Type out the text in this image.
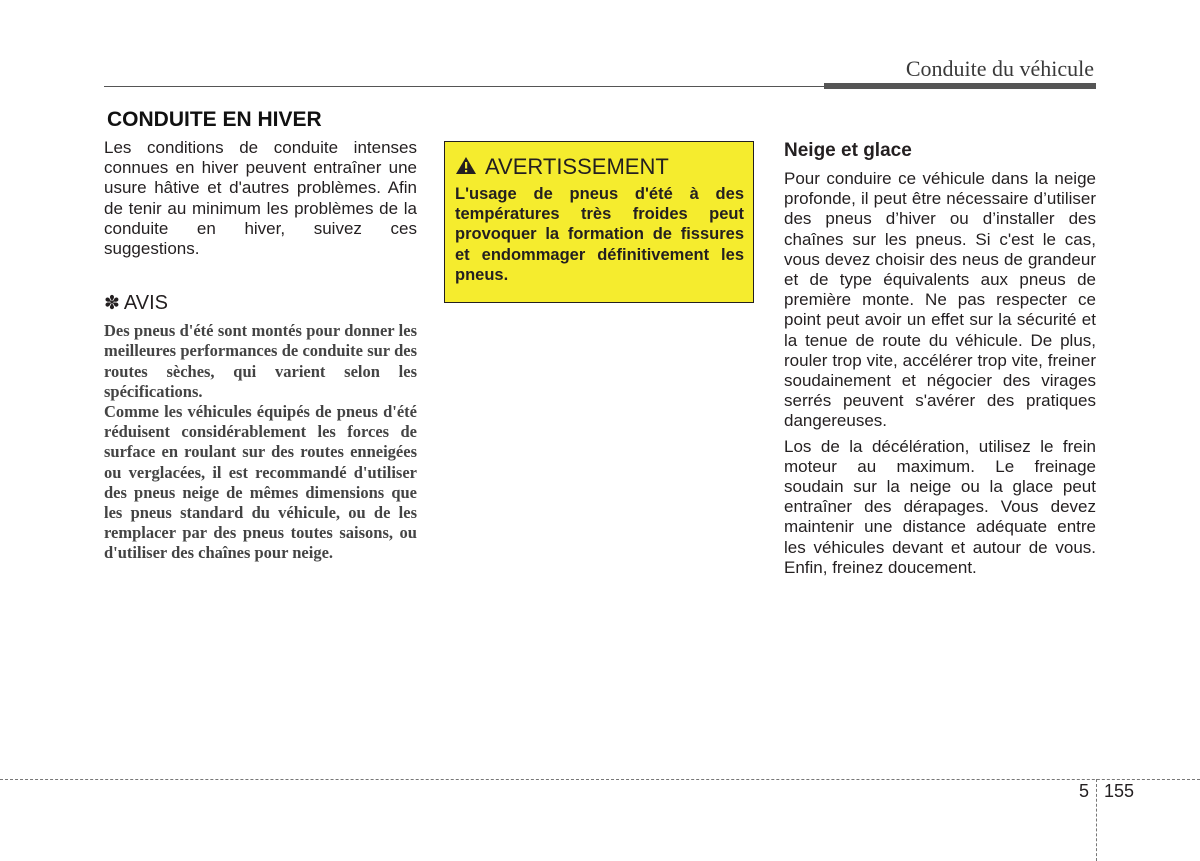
Conduite du véhicule
CONDUITE EN HIVER

Les conditions de conduite intenses connues en hiver peuvent entraîner une usure hâtive et d'autres problèmes. Afin de tenir au minimum les problèmes de la conduite en hiver, suivez ces suggestions.

✽ AVIS

Des pneus d'été sont montés pour donner les meilleures performances de conduite sur des routes sèches, qui varient selon les spécifications.
Comme les véhicules équipés de pneus d'été réduisent considérablement les forces de surface en roulant sur des routes enneigées ou verglacées, il est recommandé d'utiliser des pneus neige de mêmes dimensions que les pneus standard du véhicule, ou de les remplacer par des pneus toutes saisons, ou d'utiliser des chaînes pour neige.

AVERTISSEMENT

L'usage de pneus d'été à des températures très froides peut provoquer la formation de fissures et endommager définitivement les pneus.

Neige et glace

Pour conduire ce véhicule dans la neige profonde, il peut être nécessaire d’utiliser des pneus d’hiver ou d’installer des chaînes sur les pneus. Si c'est le cas, vous devez choisir des neus de grandeur et de type équivalents aux pneus de première monte. Ne pas respecter ce point peut avoir un effet sur la sécurité et la tenue de route du véhicule. De plus, rouler trop vite, accélérer trop vite, freiner soudainement et négocier des virages serrés peuvent s'avérer des pratiques dangereuses.

Los de la décélération, utilisez le frein moteur au maximum. Le freinage soudain sur la neige ou la glace peut entraîner des dérapages. Vous devez maintenir une distance adéquate entre les véhicules devant et autour de vous. Enfin, freinez doucement.

5 155
